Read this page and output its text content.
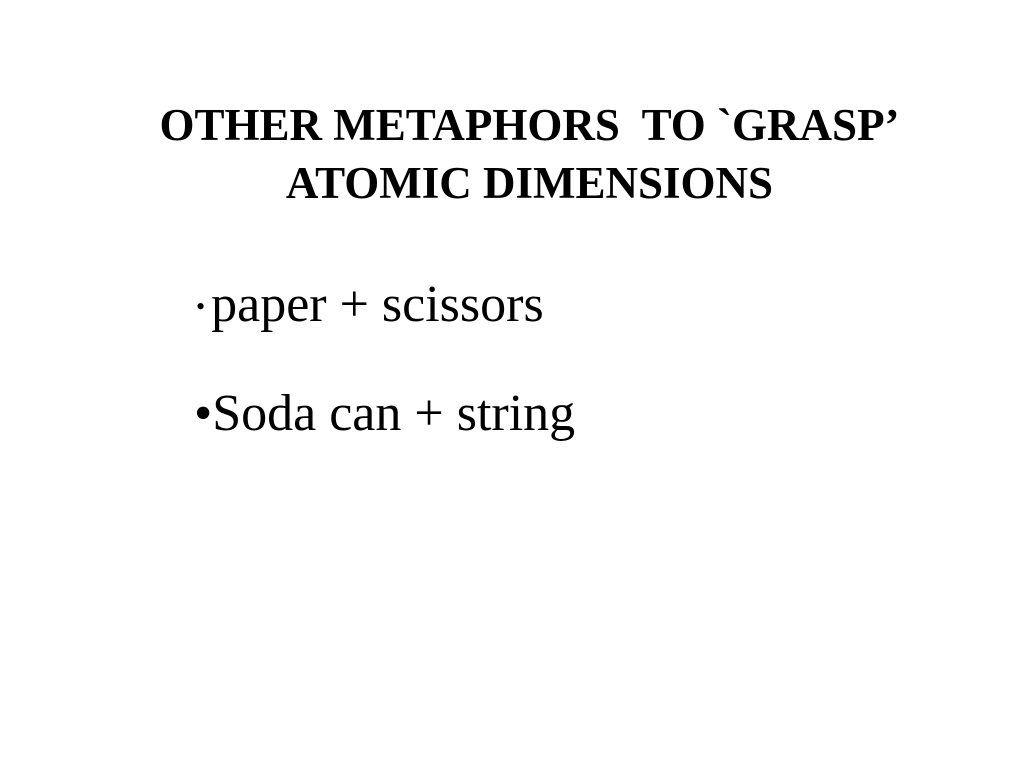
OTHER METAPHORS  TO `GRASP’
ATOMIC DIMENSIONS

• paper + scissors

•Soda can + string
